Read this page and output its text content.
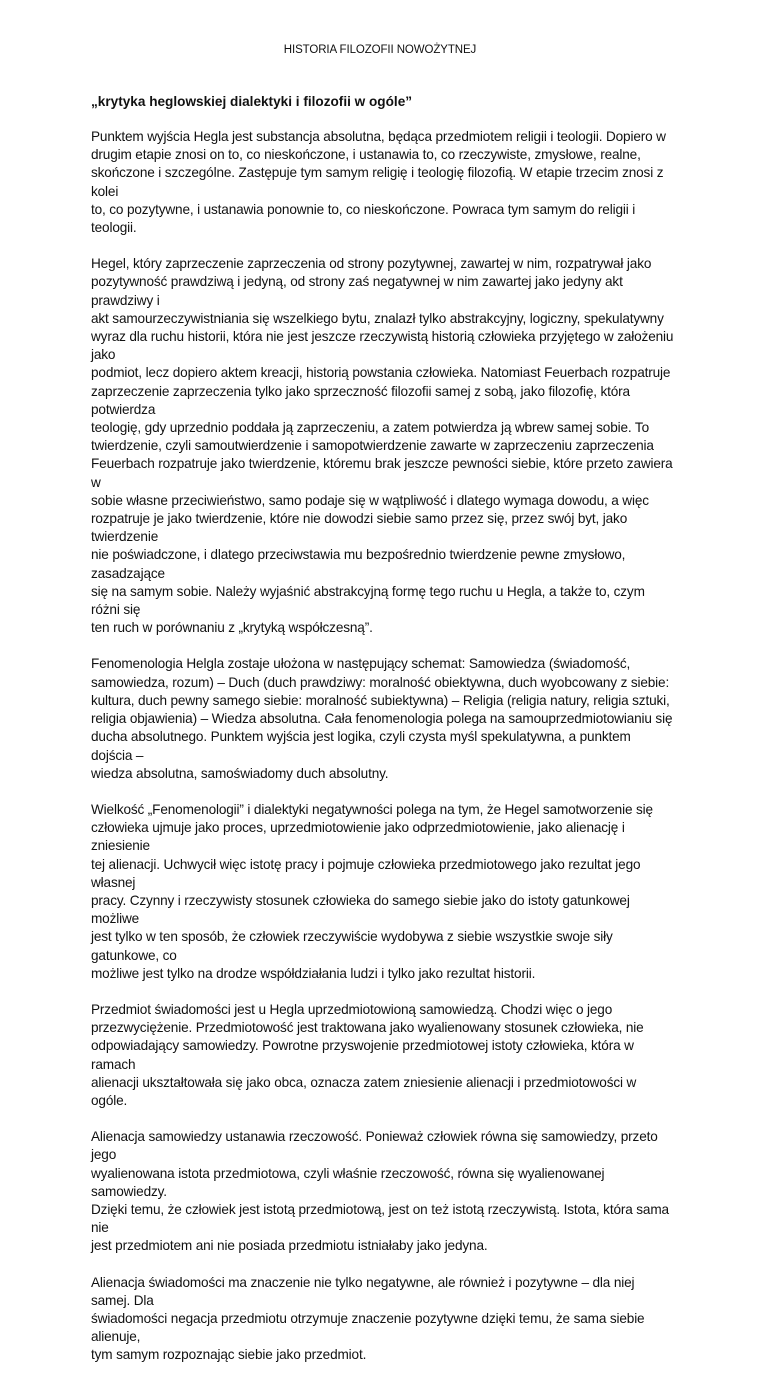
HISTORIA FILOZOFII NOWOŻYTNEJ
„krytyka heglowskiej dialektyki i filozofii w ogóle”

Punktem wyjścia Hegla jest substancja absolutna, będąca przedmiotem religii i teologii. Dopiero w
drugim etapie znosi on to, co nieskończone, i ustanawia to, co rzeczywiste, zmysłowe, realne,
skończone i szczególne. Zastępuje tym samym religię i teologię filozofią. W etapie trzecim znosi z kolei
to, co pozytywne, i ustanawia ponownie to, co nieskończone. Powraca tym samym do religii i teologii.

Hegel, który zaprzeczenie zaprzeczenia od strony pozytywnej, zawartej w nim, rozpatrywał jako
pozytywność prawdziwą i jedyną, od strony zaś negatywnej w nim zawartej jako jedyny akt prawdziwy i
akt samourzeczywistniania się wszelkiego bytu, znalazł tylko abstrakcyjny, logiczny, spekulatywny
wyraz dla ruchu historii, która nie jest jeszcze rzeczywistą historią człowieka przyjętego w założeniu jako
podmiot, lecz dopiero aktem kreacji, historią powstania człowieka. Natomiast Feuerbach rozpatruje
zaprzeczenie zaprzeczenia tylko jako sprzeczność filozofii samej z sobą, jako filozofię, która potwierdza
teologię, gdy uprzednio poddała ją zaprzeczeniu, a zatem potwierdza ją wbrew samej sobie. To
twierdzenie, czyli samoutwierdzenie i samopotwierdzenie zawarte w zaprzeczeniu zaprzeczenia
Feuerbach rozpatruje jako twierdzenie, któremu brak jeszcze pewności siebie, które przeto zawiera w
sobie własne przeciwieństwo, samo podaje się w wątpliwość i dlatego wymaga dowodu, a więc
rozpatruje je jako twierdzenie, które nie dowodzi siebie samo przez się, przez swój byt, jako twierdzenie
nie poświadczone, i dlatego przeciwstawia mu bezpośrednio twierdzenie pewne zmysłowo, zasadzające
się na samym sobie. Należy wyjaśnić abstrakcyjną formę tego ruchu u Hegla, a także to, czym różni się
ten ruch w porównaniu z „krytyką współczesną”.

Fenomenologia Helgla zostaje ułożona w następujący schemat: Samowiedza (świadomość,
samowiedza, rozum) – Duch (duch prawdziwy: moralność obiektywna, duch wyobcowany z siebie:
kultura, duch pewny samego siebie: moralność subiektywna) – Religia (religia natury, religia sztuki,
religia objawienia) – Wiedza absolutna. Cała fenomenologia polega na samouprzedmiotowianiu się
ducha absolutnego. Punktem wyjścia jest logika, czyli czysta myśl spekulatywna, a punktem dojścia –
wiedza absolutna, samoświadomy duch absolutny.

Wielkość „Fenomenologii” i dialektyki negatywności polega na tym, że Hegel samotworzenie się
człowieka ujmuje jako proces, uprzedmiotowienie jako odprzedmiotowienie, jako alienację i zniesienie
tej alienacji. Uchwycił więc istotę pracy i pojmuje człowieka przedmiotowego jako rezultat jego własnej
pracy. Czynny i rzeczywisty stosunek człowieka do samego siebie jako do istoty gatunkowej możliwe
jest tylko w ten sposób, że człowiek rzeczywiście wydobywa z siebie wszystkie swoje siły gatunkowe, co
możliwe jest tylko na drodze współdziałania ludzi i tylko jako rezultat historii.

Przedmiot świadomości jest u Hegla uprzedmiotowioną samowiedzą. Chodzi więc o jego
przezwyciężenie. Przedmiotowość jest traktowana jako wyalienowany stosunek człowieka, nie
odpowiadający samowiedzy. Powrotne przyswojenie przedmiotowej istoty człowieka, która w ramach
alienacji ukształtowała się jako obca, oznacza zatem zniesienie alienacji i przedmiotowości w ogóle.

Alienacja samowiedzy ustanawia rzeczowość. Ponieważ człowiek równa się samowiedzy, przeto jego
wyalienowana istota przedmiotowa, czyli właśnie rzeczowość, równa się wyalienowanej samowiedzy.
Dzięki temu, że człowiek jest istotą przedmiotową, jest on też istotą rzeczywistą. Istota, która sama nie
jest przedmiotem ani nie posiada przedmiotu istniałaby jako jedyna.

Alienacja świadomości ma znaczenie nie tylko negatywne, ale również i pozytywne – dla niej samej. Dla
świadomości negacja przedmiotu otrzymuje znaczenie pozytywne dzięki temu, że sama siebie alienuje,
tym samym rozpoznając siebie jako przedmiot.
